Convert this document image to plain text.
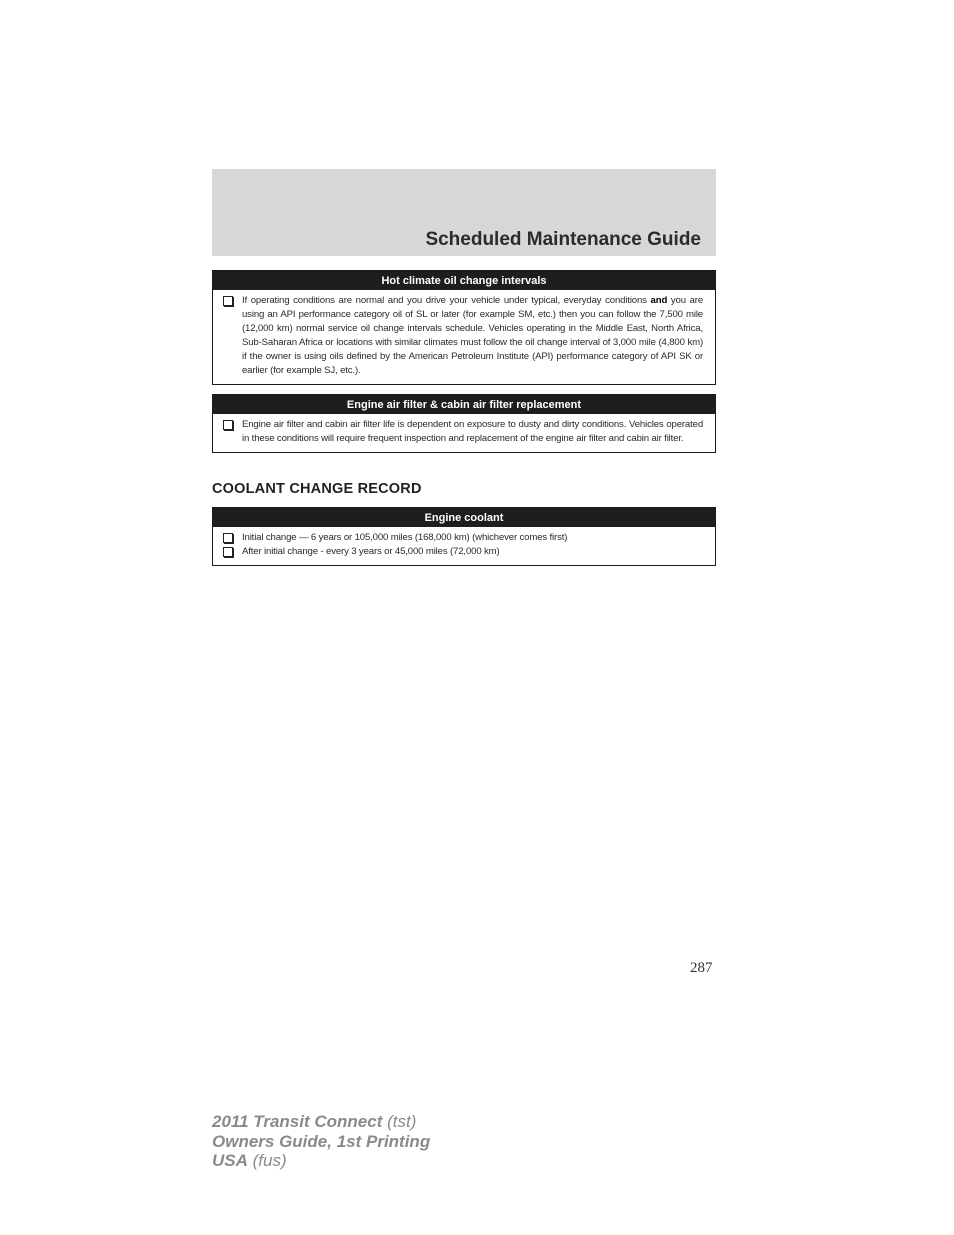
Scheduled Maintenance Guide
Hot climate oil change intervals
If operating conditions are normal and you drive your vehicle under typical, everyday conditions and you are using an API performance category oil of SL or later (for example SM, etc.) then you can follow the 7,500 mile (12,000 km) normal service oil change intervals schedule. Vehicles operating in the Middle East, North Africa, Sub-Saharan Africa or locations with similar climates must follow the oil change interval of 3,000 mile (4,800 km) if the owner is using oils defined by the American Petroleum Institute (API) performance category of API SK or earlier (for example SJ, etc.).
Engine air filter & cabin air filter replacement
Engine air filter and cabin air filter life is dependent on exposure to dusty and dirty conditions. Vehicles operated in these conditions will require frequent inspection and replacement of the engine air filter and cabin air filter.
COOLANT CHANGE RECORD
Engine coolant
Initial change — 6 years or 105,000 miles (168,000 km) (whichever comes first)
After initial change - every 3 years or 45,000 miles (72,000 km)
287
2011 Transit Connect (tst)
Owners Guide, 1st Printing
USA (fus)
